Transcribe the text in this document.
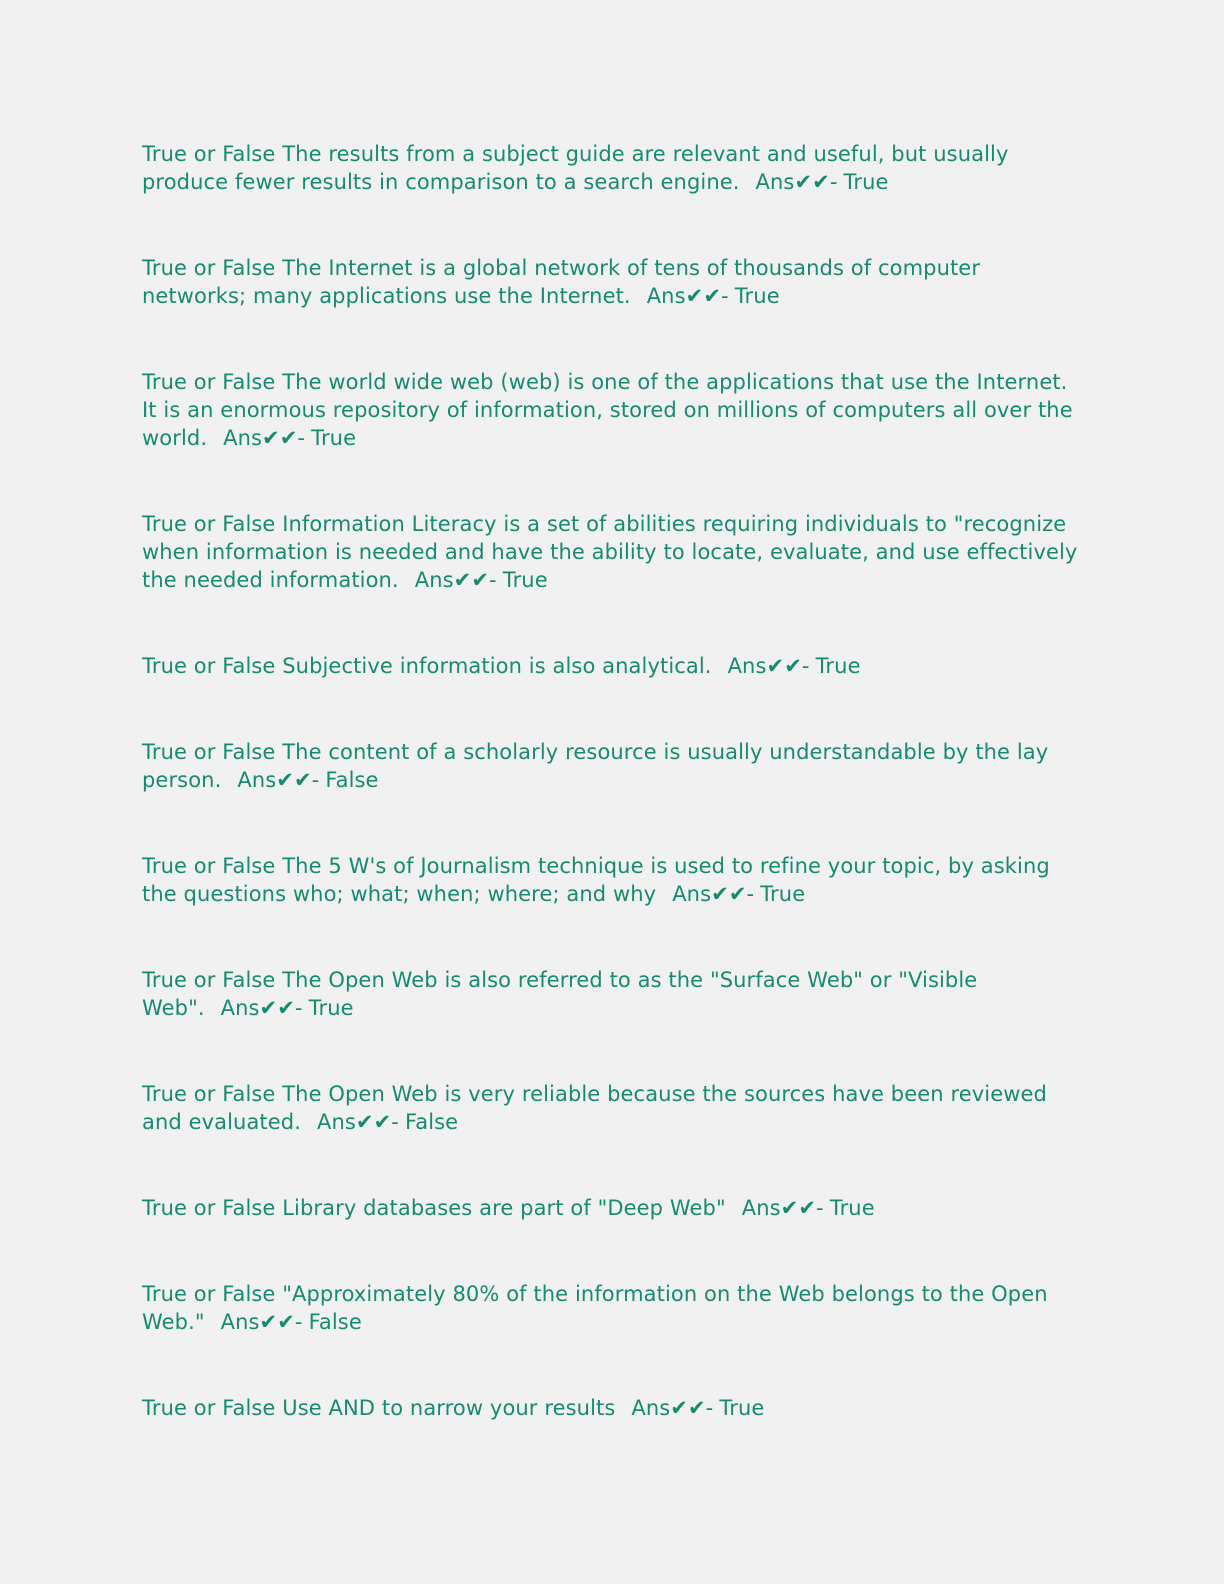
True or False The results from a subject guide are relevant and useful, but usually produce fewer results in comparison to a search engine. Ans✔✔- True

True or False The Internet is a global network of tens of thousands of computer networks; many applications use the Internet. Ans✔✔- True

True or False The world wide web (web) is one of the applications that use the Internet. It is an enormous repository of information, stored on millions of computers all over the world. Ans✔✔- True

True or False Information Literacy is a set of abilities requiring individuals to "recognize when information is needed and have the ability to locate, evaluate, and use effectively the needed information. Ans✔✔- True

True or False Subjective information is also analytical. Ans✔✔- True

True or False The content of a scholarly resource is usually understandable by the lay person. Ans✔✔- False

True or False The 5 W's of Journalism technique is used to refine your topic, by asking the questions who; what; when; where; and why Ans✔✔- True

True or False The Open Web is also referred to as the "Surface Web" or "Visible Web". Ans✔✔- True

True or False The Open Web is very reliable because the sources have been reviewed and evaluated. Ans✔✔- False

True or False Library databases are part of "Deep Web" Ans✔✔- True

True or False "Approximately 80% of the information on the Web belongs to the Open Web." Ans✔✔- False

True or False Use AND to narrow your results Ans✔✔- True
